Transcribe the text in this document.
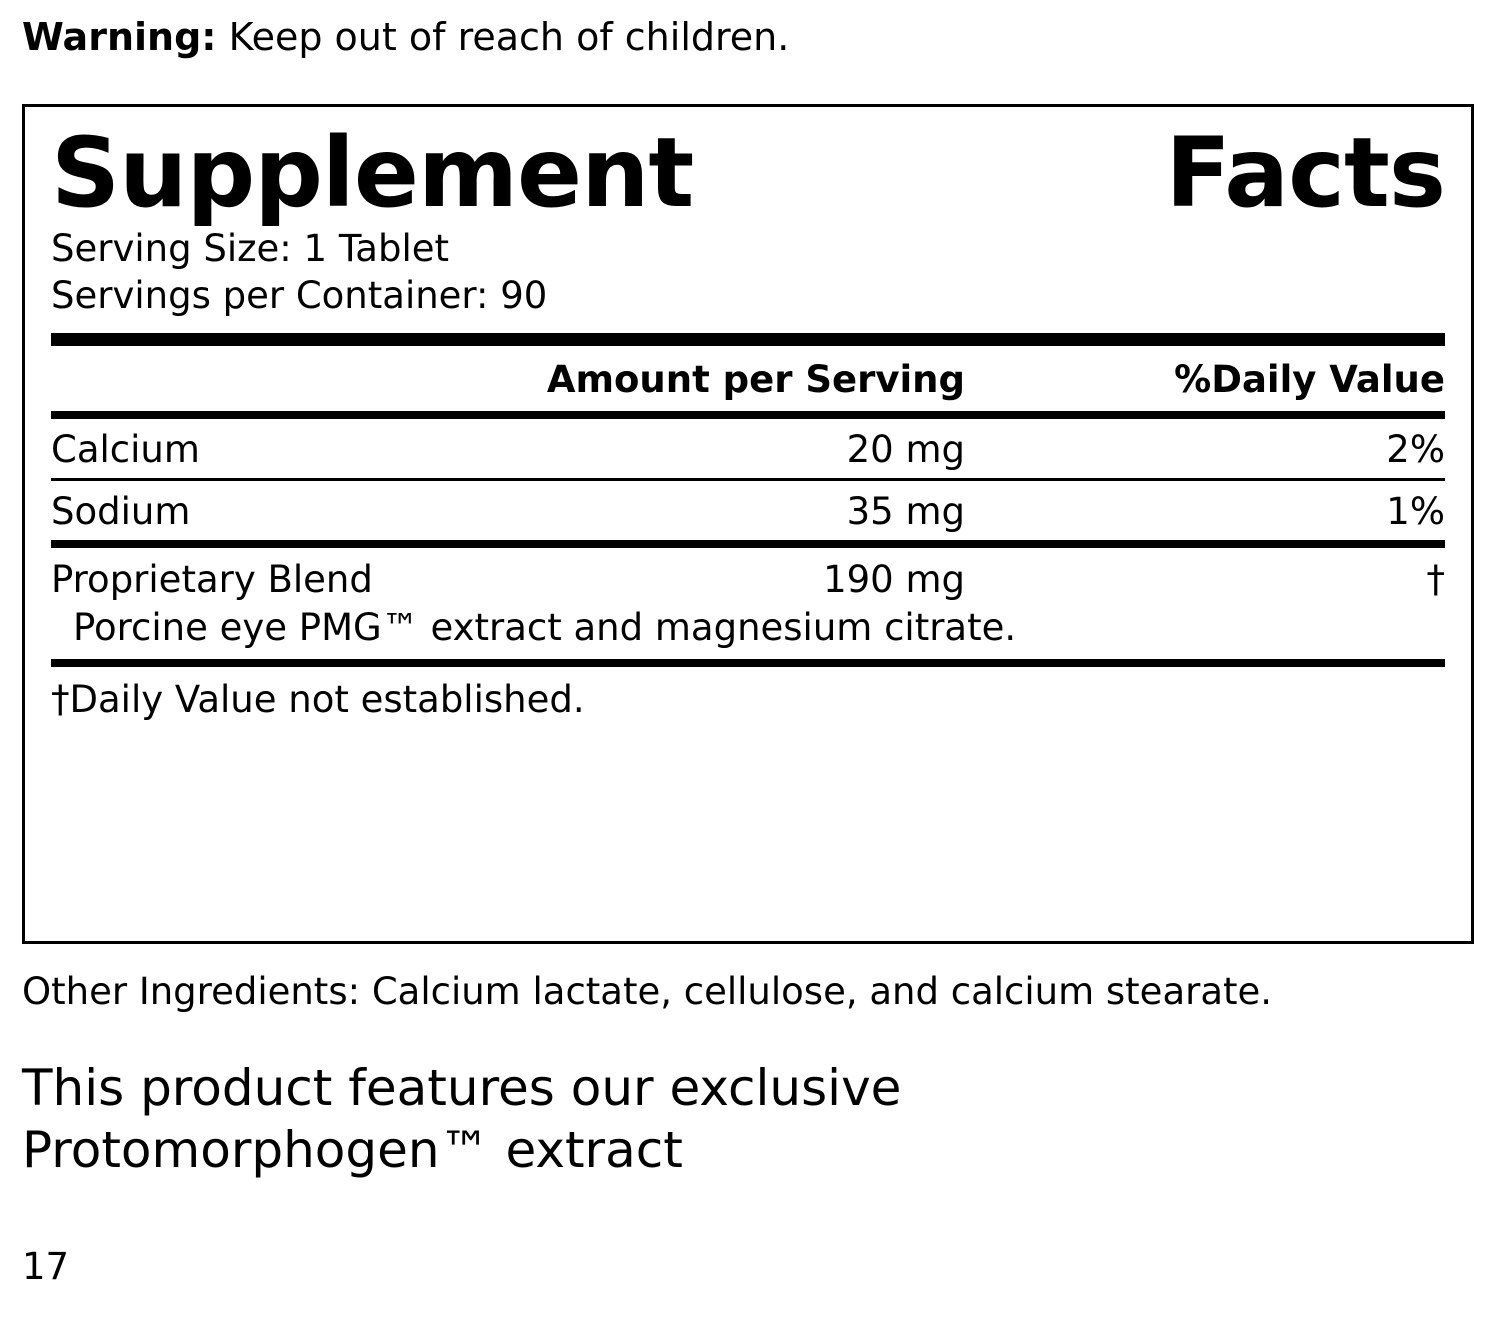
Warning: Keep out of reach of children.
Supplement	Facts
Serving Size: 1 Tablet
Servings per Container: 90
	Amount per Serving	%Daily Value
Calcium	20 mg	2%
Sodium	35 mg	1%
Proprietary Blend	190 mg	†
Porcine eye PMG™ extract and magnesium citrate.
†Daily Value not established.
Other Ingredients: Calcium lactate, cellulose, and calcium stearate.
This product features our exclusive Protomorphogen™ extract
17
